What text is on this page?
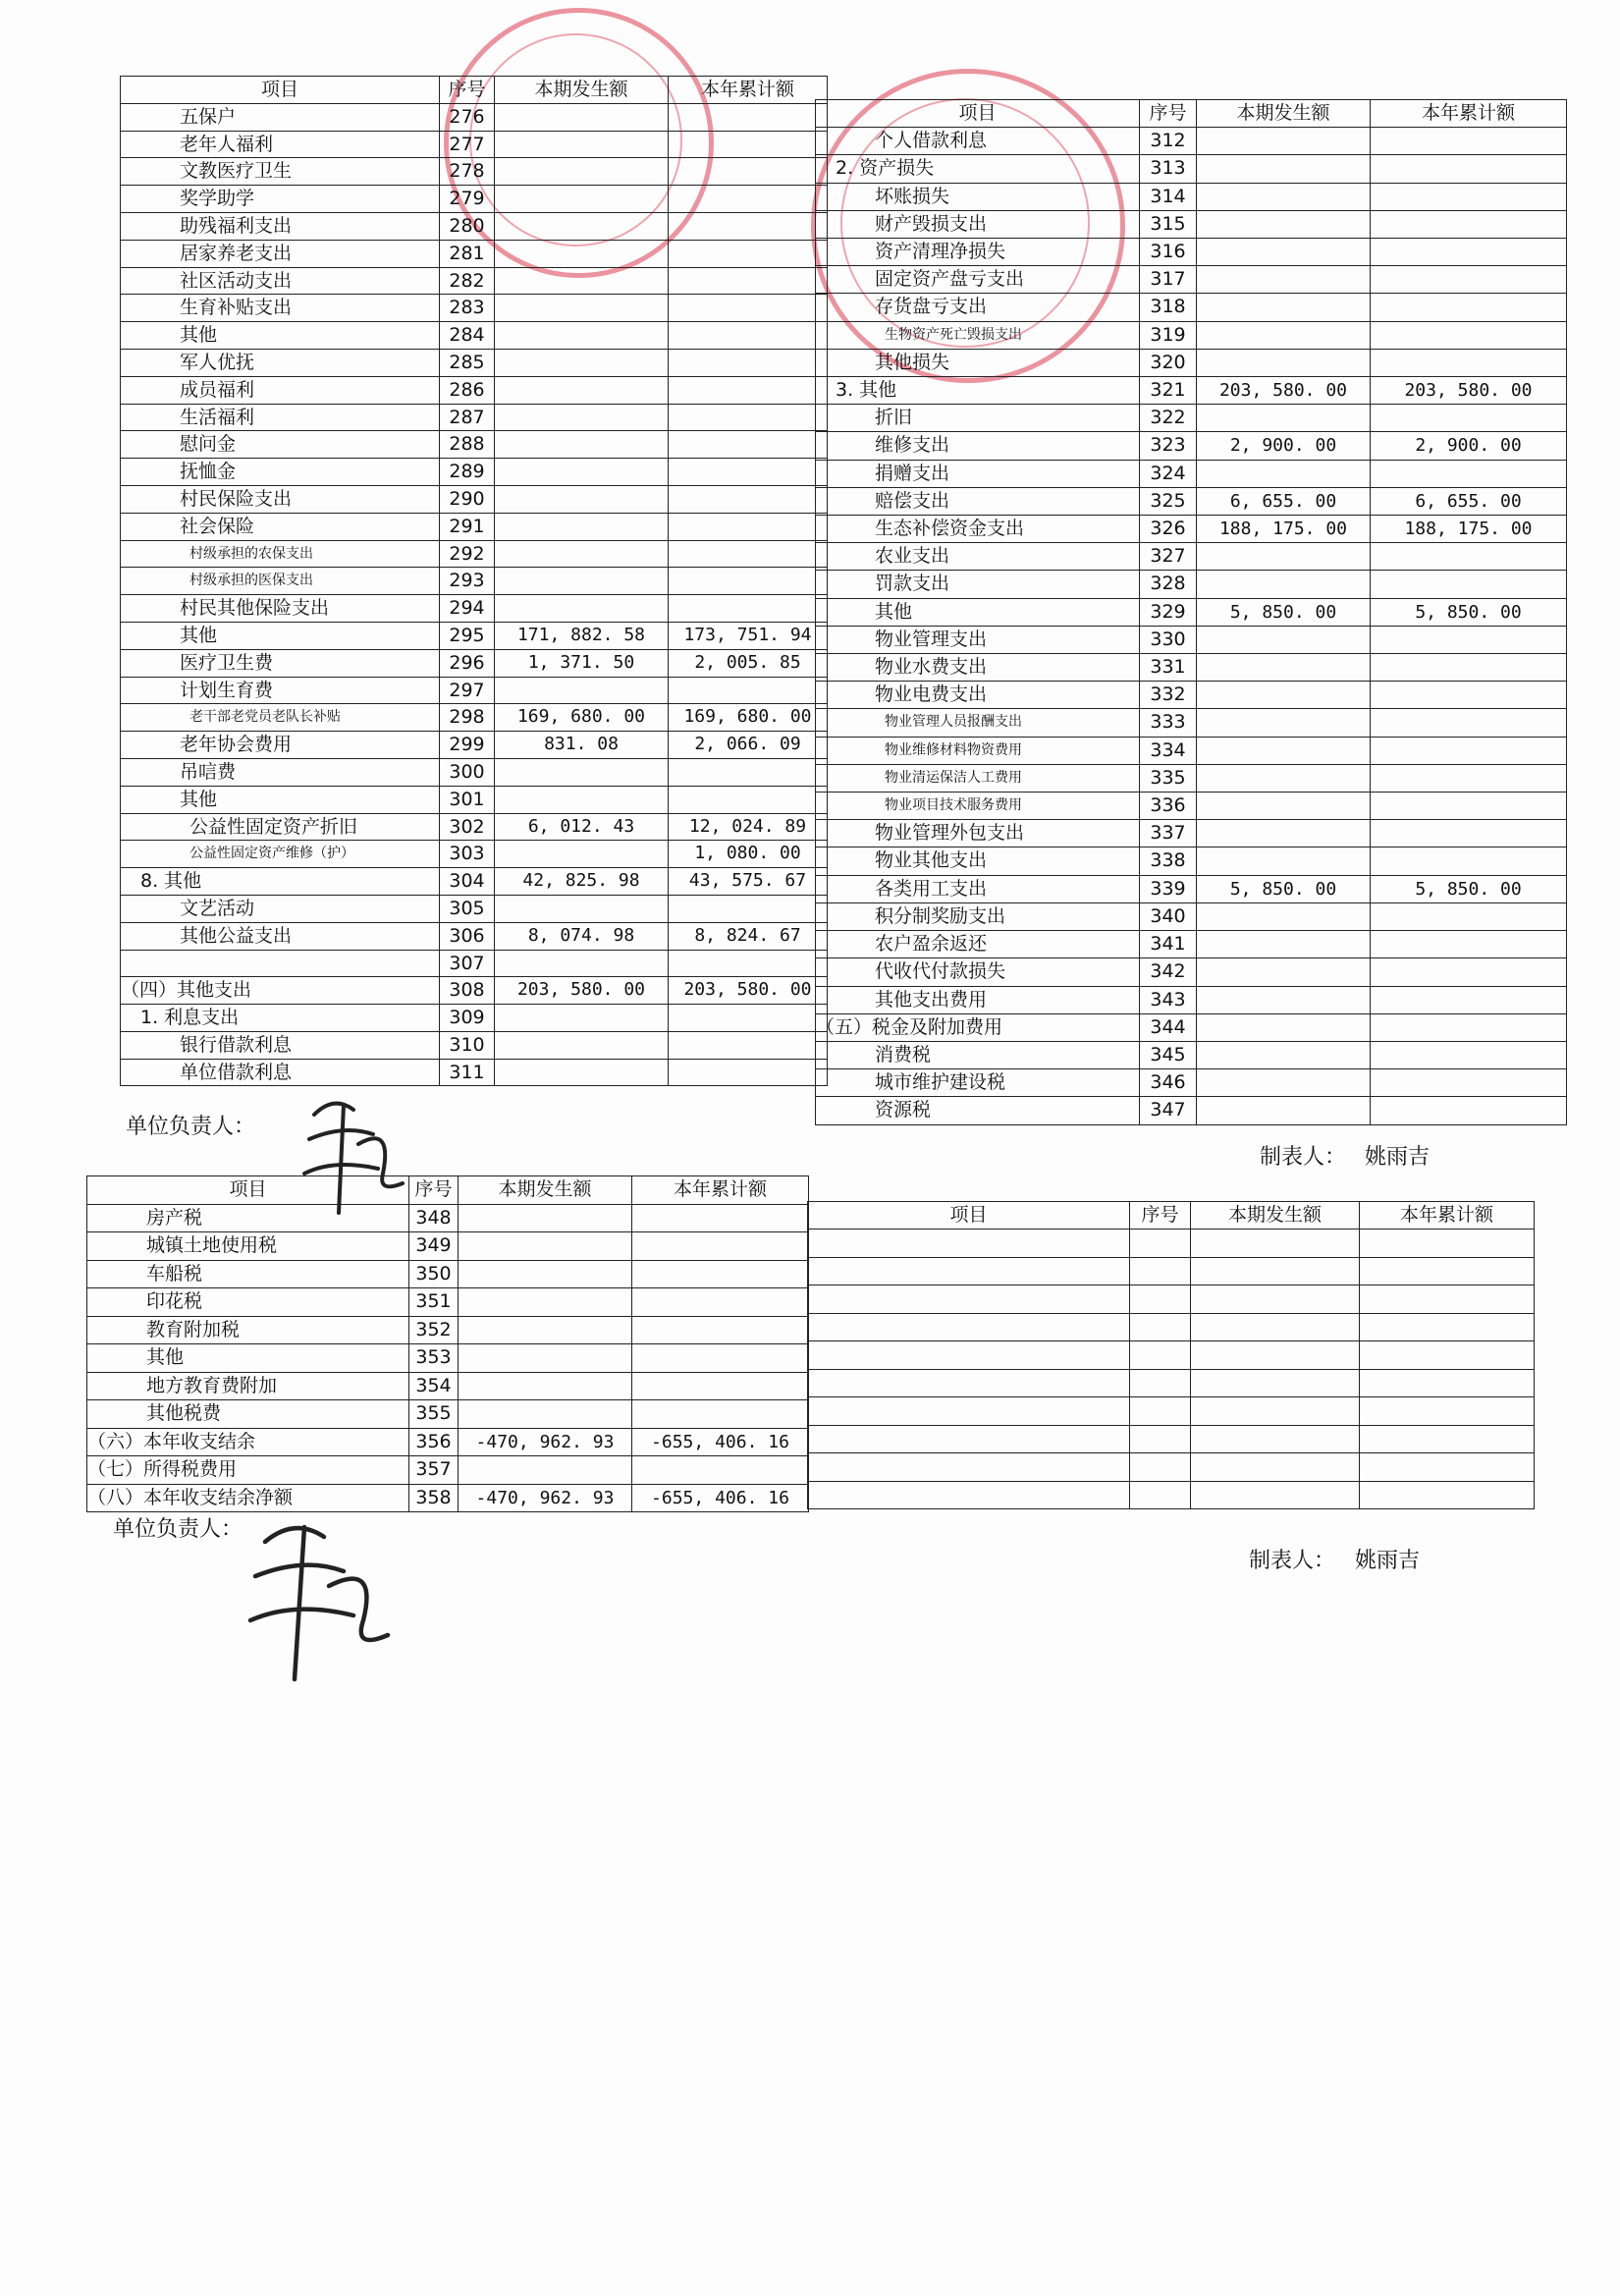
项目	序号	本期发生额	本年累计额
五保户	276		
老年人福利	277		
文教医疗卫生	278		
奖学助学	279		
助残福利支出	280		
居家养老支出	281		
社区活动支出	282		
生育补贴支出	283		
其他	284		
军人优抚	285		
成员福利	286		
生活福利	287		
慰问金	288		
抚恤金	289		
村民保险支出	290		
社会保险	291		
村级承担的农保支出	292		
村级承担的医保支出	293		
村民其他保险支出	294		
其他	295	171, 882. 58	173, 751. 94
医疗卫生费	296	1, 371. 50	2, 005. 85
计划生育费	297		
老干部老党员老队长补贴	298	169, 680. 00	169, 680. 00
老年协会费用	299	831. 08	2, 066. 09
吊唁费	300		
其他	301		
公益性固定资产折旧	302	6, 012. 43	12, 024. 89
公益性固定资产维修（护）	303		1, 080. 00
8. 其他	304	42, 825. 98	43, 575. 67
文艺活动	305		
其他公益支出	306	8, 074. 98	8, 824. 67
	307		
（四）其他支出	308	203, 580. 00	203, 580. 00
1. 利息支出	309		
银行借款利息	310		
单位借款利息	311		
项目	序号	本期发生额	本年累计额
个人借款利息	312		
2. 资产损失	313		
坏账损失	314		
财产毁损支出	315		
资产清理净损失	316		
固定资产盘亏支出	317		
存货盘亏支出	318		
生物资产死亡毁损支出	319		
其他损失	320		
3. 其他	321	203, 580. 00	203, 580. 00
折旧	322		
维修支出	323	2, 900. 00	2, 900. 00
捐赠支出	324		
赔偿支出	325	6, 655. 00	6, 655. 00
生态补偿资金支出	326	188, 175. 00	188, 175. 00
农业支出	327		
罚款支出	328		
其他	329	5, 850. 00	5, 850. 00
物业管理支出	330		
物业水费支出	331		
物业电费支出	332		
物业管理人员报酬支出	333		
物业维修材料物资费用	334		
物业清运保洁人工费用	335		
物业项目技术服务费用	336		
物业管理外包支出	337		
物业其他支出	338		
各类用工支出	339	5, 850. 00	5, 850. 00
积分制奖励支出	340		
农户盈余返还	341		
代收代付款损失	342		
其他支出费用	343		
（五）税金及附加费用	344		
消费税	345		
城市维护建设税	346		
资源税	347		
单位负责人：
制表人： 姚雨吉
项目	序号	本期发生额	本年累计额
房产税	348		
城镇土地使用税	349		
车船税	350		
印花税	351		
教育附加税	352		
其他	353		
地方教育费附加	354		
其他税费	355		
（六）本年收支结余	356	-470, 962. 93	-655, 406. 16
（七）所得税费用	357		
（八）本年收支结余净额	358	-470, 962. 93	-655, 406. 16
项目	序号	本期发生额	本年累计额

单位负责人：
制表人： 姚雨吉
